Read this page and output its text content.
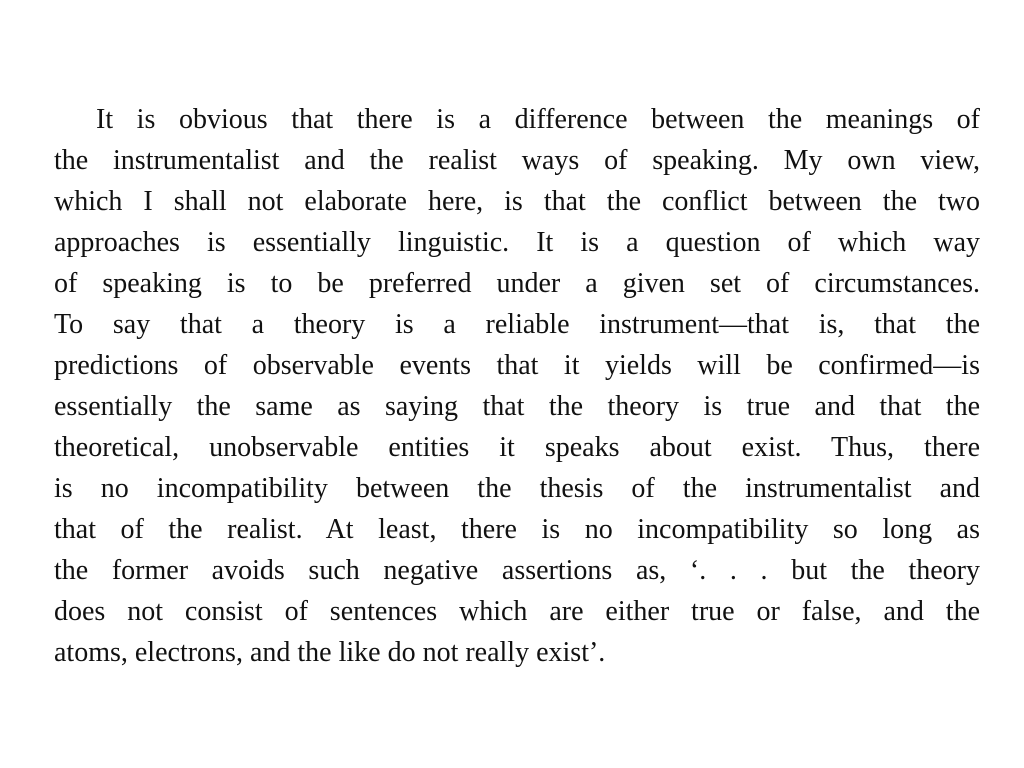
It is obvious that there is a difference between the meanings of
the instrumentalist and the realist ways of speaking. My own view,
which I shall not elaborate here, is that the conflict between the two
approaches is essentially linguistic. It is a question of which way
of speaking is to be preferred under a given set of circumstances.
To say that a theory is a reliable instrument—that is, that the
predictions of observable events that it yields will be confirmed—is
essentially the same as saying that the theory is true and that the
theoretical, unobservable entities it speaks about exist. Thus, there
is no incompatibility between the thesis of the instrumentalist and
that of the realist. At least, there is no incompatibility so long as
the former avoids such negative assertions as, ‘. . . but the theory
does not consist of sentences which are either true or false, and the
atoms, electrons, and the like do not really exist’.
